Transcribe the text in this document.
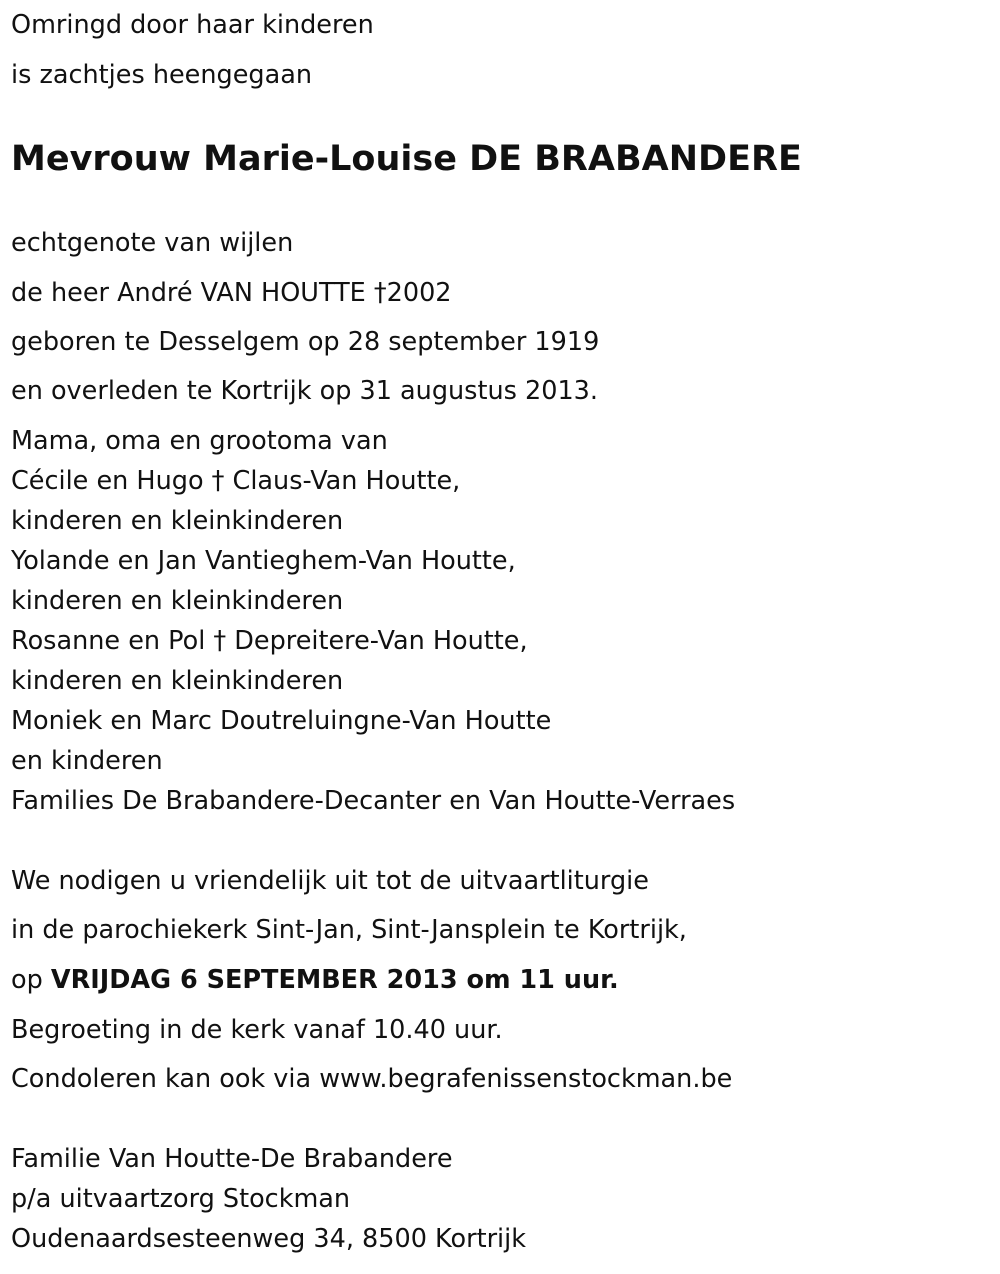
Omringd door haar kinderen
is zachtjes heengegaan
Mevrouw Marie-Louise DE BRABANDERE
echtgenote van wijlen
de heer André VAN HOUTTE †2002
geboren te Desselgem op 28 september 1919
en overleden te Kortrijk op 31 augustus 2013.
Mama, oma en grootoma van
Cécile en Hugo † Claus-Van Houtte,
kinderen en kleinkinderen
Yolande en Jan Vantieghem-Van Houtte,
kinderen en kleinkinderen
Rosanne en Pol † Depreitere-Van Houtte,
kinderen en kleinkinderen
Moniek en Marc Doutreluingne-Van Houtte
en kinderen
Families De Brabandere-Decanter en Van Houtte-Verraes
We nodigen u vriendelijk uit tot de uitvaartliturgie
in de parochiekerk Sint-Jan, Sint-Jansplein te Kortrijk,
op VRIJDAG 6 SEPTEMBER 2013 om 11 uur.
Begroeting in de kerk vanaf 10.40 uur.
Condoleren kan ook via www.begrafenissenstockman.be
Familie Van Houtte-De Brabandere
p/a uitvaartzorg Stockman
Oudenaardsesteenweg 34, 8500 Kortrijk
